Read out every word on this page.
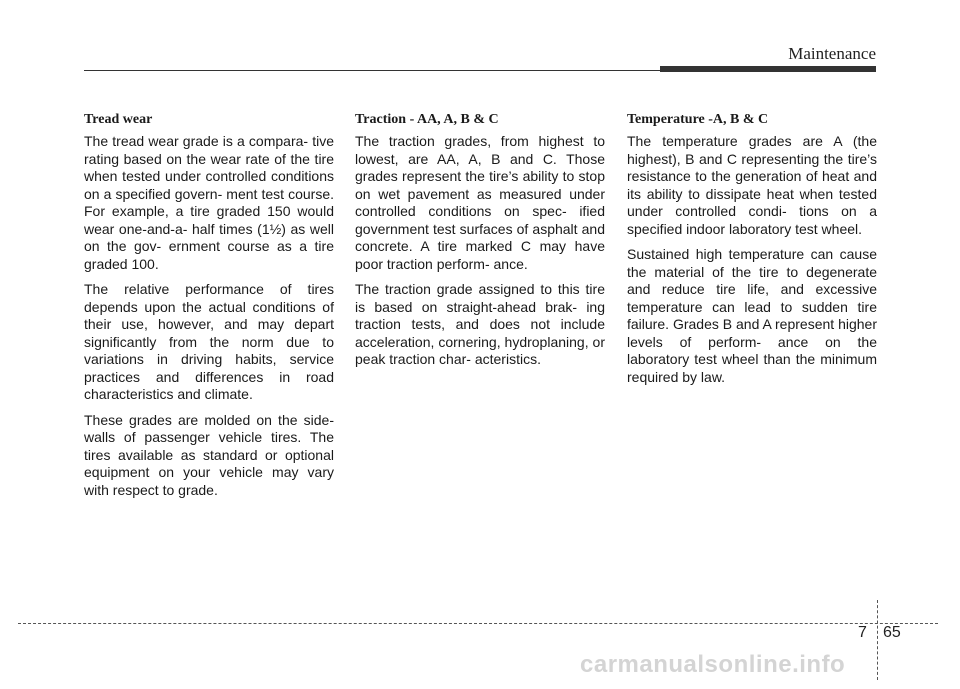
Maintenance
Tread wear

The tread wear grade is a compara- tive rating based on the wear rate of the tire when tested under controlled conditions on a specified govern- ment test course. For example, a tire graded 150 would wear one-and-a- half times (1½) as well on the gov- ernment course as a tire graded 100.

The relative performance of tires depends upon the actual conditions of their use, however, and may depart significantly from the norm due to variations in driving habits, service practices and differences in road characteristics and climate.

These grades are molded on the side-walls of passenger vehicle tires. The tires available as standard or optional equipment on your vehicle may vary with respect to grade.

Traction - AA, A, B & C

The traction grades, from highest to lowest, are AA, A, B and C. Those grades represent the tire’s ability to stop on wet pavement as measured under controlled conditions on spec- ified government test surfaces of asphalt and concrete. A tire marked C may have poor traction perform- ance.

The traction grade assigned to this tire is based on straight-ahead brak- ing traction tests, and does not include acceleration, cornering, hydroplaning, or peak traction char- acteristics.

Temperature -A, B & C

The temperature grades are A (the highest), B and C representing the tire’s resistance to the generation of heat and its ability to dissipate heat when tested under controlled condi- tions on a specified indoor laboratory test wheel.

Sustained high temperature can cause the material of the tire to degenerate and reduce tire life, and excessive temperature can lead to sudden tire failure. Grades B and A represent higher levels of perform- ance on the laboratory test wheel than the minimum required by law.

7 65
carmanualsonline.info
